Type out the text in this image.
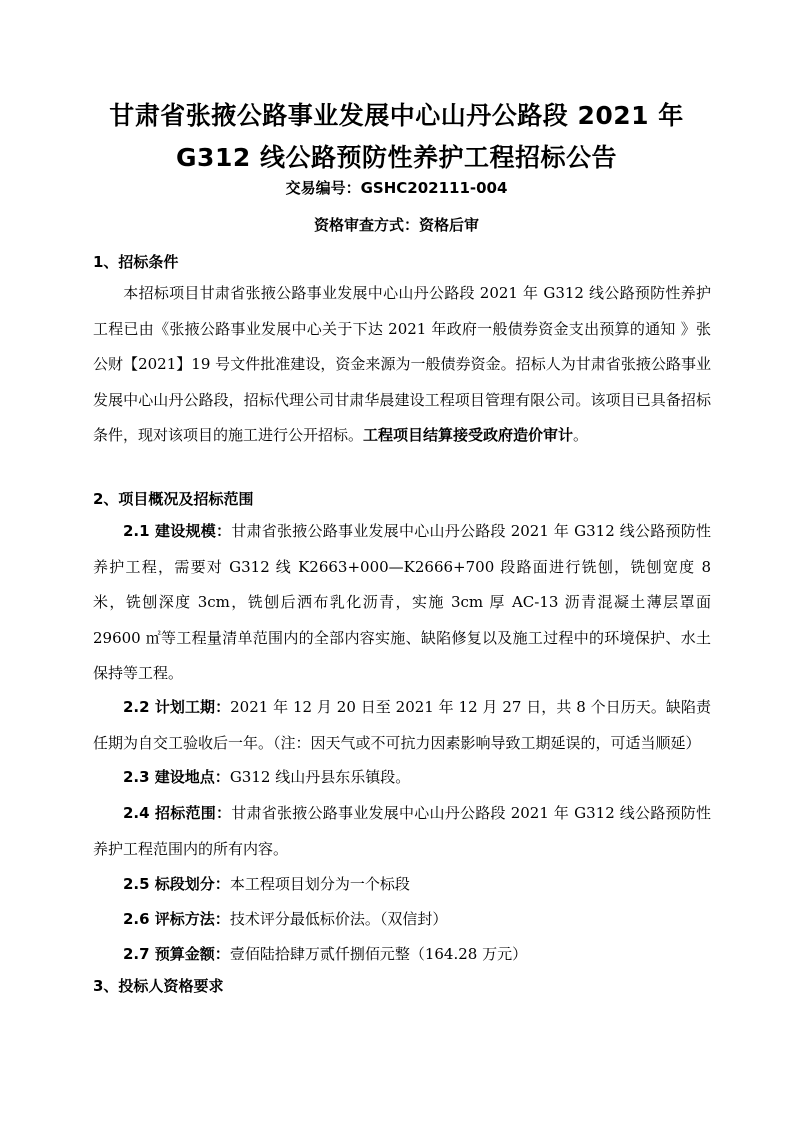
甘肃省张掖公路事业发展中心山丹公路段 2021 年
G312 线公路预防性养护工程招标公告
交易编号：GSHC202111-004
资格审查方式：资格后审
1、招标条件
本招标项目甘肃省张掖公路事业发展中心山丹公路段 2021 年 G312 线公路预防性养护工程已由《张掖公路事业发展中心关于下达 2021 年政府一般债券资金支出预算的通知 》张公财【2021】19 号文件批准建设，资金来源为一般债券资金。招标人为甘肃省张掖公路事业发展中心山丹公路段，招标代理公司甘肃华晨建设工程项目管理有限公司。该项目已具备招标条件，现对该项目的施工进行公开招标。工程项目结算接受政府造价审计。
2、项目概况及招标范围
2.1 建设规模：甘肃省张掖公路事业发展中心山丹公路段 2021 年 G312 线公路预防性养护工程，需要对 G312 线 K2663+000—K2666+700 段路面进行铣刨，铣刨宽度 8 米，铣刨深度 3cm，铣刨后洒布乳化沥青，实施 3cm 厚 AC-13 沥青混凝土薄层罩面 29600 ㎡等工程量清单范围内的全部内容实施、缺陷修复以及施工过程中的环境保护、水土保持等工程。
2.2 计划工期：2021 年 12 月 20 日至 2021 年 12 月 27 日，共 8 个日历天。缺陷责任期为自交工验收后一年。（注：因天气或不可抗力因素影响导致工期延误的，可适当顺延）
2.3 建设地点：G312 线山丹县东乐镇段。
2.4 招标范围：甘肃省张掖公路事业发展中心山丹公路段 2021 年 G312 线公路预防性养护工程范围内的所有内容。
2.5 标段划分：本工程项目划分为一个标段
2.6 评标方法：技术评分最低标价法。（双信封）
2.7 预算金额：壹佰陆拾肆万贰仟捌佰元整（164.28 万元）
3、投标人资格要求
